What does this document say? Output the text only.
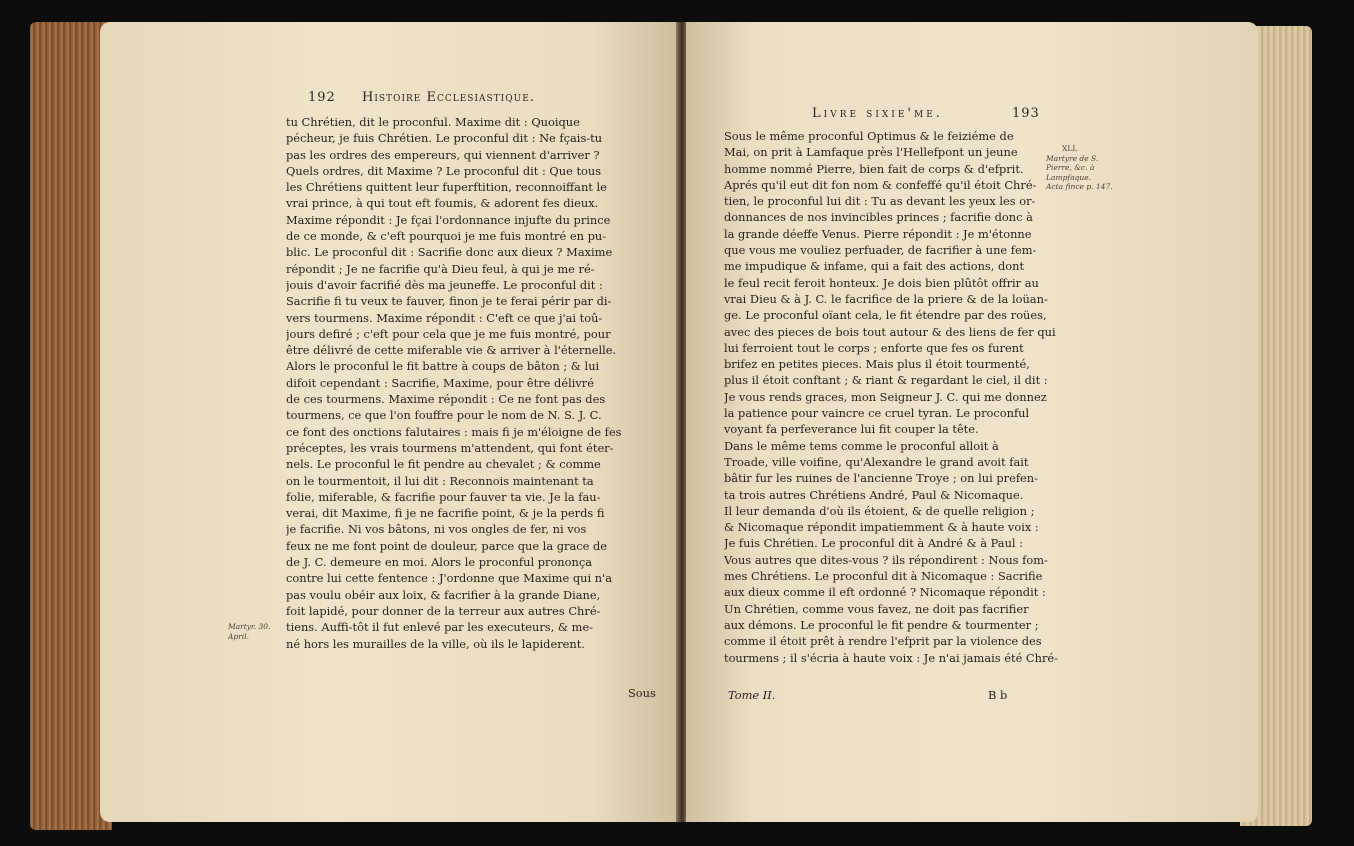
192 Histoire Ecclesiastique.
tu Chrétien, dit le proconful. Maxime dit : Quoique
pécheur, je fuis Chrétien. Le proconful dit : Ne fçais-tu
pas les ordres des empereurs, qui viennent d'arriver ?
Quels ordres, dit Maxime ? Le proconful dit : Que tous
les Chrétiens quittent leur fuperftition, reconnoiffant le
vrai prince, à qui tout eft foumis, & adorent fes dieux.
Maxime répondit : Je fçai l'ordonnance injufte du prince
de ce monde, & c'eft pourquoi je me fuis montré en pu-
blic. Le proconful dit : Sacrifie donc aux dieux ? Maxime
répondit ; Je ne facrifie qu'à Dieu feul, à qui je me ré-
jouis d'avoir facrifié dès ma jeuneffe. Le proconful dit :
Sacrifie fi tu veux te fauver, finon je te ferai périr par di-
vers tourmens. Maxime répondit : C'eft ce que j'ai toû-
jours defiré ; c'eft pour cela que je me fuis montré, pour
être délivré de cette miferable vie & arriver à l'éternelle.
Alors le proconful le fit battre à coups de bâton ; & lui
difoit cependant : Sacrifie, Maxime, pour être délivré
de ces tourmens. Maxime répondit : Ce ne font pas des
tourmens, ce que l'on fouffre pour le nom de N. S. J. C.
ce font des onctions falutaires : mais fi je m'éloigne de fes
préceptes, les vrais tourmens m'attendent, qui font éter-
nels. Le proconful le fit pendre au chevalet ; & comme
on le tourmentoit, il lui dit : Reconnois maintenant ta
folie, miferable, & facrifie pour fauver ta vie. Je la fau-
verai, dit Maxime, fi je ne facrifie point, & je la perds fi
je facrifie. Ni vos bâtons, ni vos ongles de fer, ni vos
feux ne me font point de douleur, parce que la grace de
de J. C. demeure en moi. Alors le proconful prononça
contre lui cette fentence : J'ordonne que Maxime qui n'a
pas voulu obéir aux loix, & facrifier à la grande Diane,
foit lapidé, pour donner de la terreur aux autres Chré-
tiens. Auffi-tôt il fut enlevé par les executeurs, & me-
né hors les murailles de la ville, où ils le lapiderent.
Sous
Martyr. 30.
April.
Livre sixie'me.	193
Sous le même proconful Optimus & le feiziéme de
Mai, on prit à Lamfaque près l'Hellefpont un jeune
homme nommé Pierre, bien fait de corps & d'efprit.
Aprés qu'il eut dit fon nom & confeffé qu'il étoit Chré-
tien, le proconful lui dit : Tu as devant les yeux les or-
donnances de nos invincibles princes ; facrifie donc à
la grande déeffe Venus. Pierre répondit : Je m'étonne
que vous me vouliez perfuader, de facrifier à une fem-
me impudique & infame, qui a fait des actions, dont
le feul recit feroit honteux. Je dois bien plûtôt offrir au
vrai Dieu & à J. C. le facrifice de la priere & de la loüan-
ge. Le proconful oïant cela, le fit étendre par des roües,
avec des pieces de bois tout autour & des liens de fer qui
lui ferroient tout le corps ; enforte que fes os furent
brifez en petites pieces. Mais plus il étoit tourmenté,
plus il étoit conftant ; & riant & regardant le ciel, il dit :
Je vous rends graces, mon Seigneur J. C. qui me donnez
la patience pour vaincre ce cruel tyran. Le proconful
voyant fa perfeverance lui fit couper la tête.
Dans le même tems comme le proconful alloit à
Troade, ville voifine, qu'Alexandre le grand avoit fait
bâtir fur les ruines de l'ancienne Troye ; on lui prefen-
ta trois autres Chrétiens André, Paul & Nicomaque.
Il leur demanda d'où ils étoient, & de quelle religion ;
& Nicomaque répondit impatiemment & à haute voix :
Je fuis Chrétien. Le proconful dit à André & à Paul :
Vous autres que dites-vous ? ils répondirent : Nous fom-
mes Chrétiens. Le proconful dit à Nicomaque : Sacrifie
aux dieux comme il eft ordonné ? Nicomaque répondit :
Un Chrétien, comme vous favez, ne doit pas facrifier
aux démons. Le proconful le fit pendre & tourmenter ;
comme il étoit prêt à rendre l'efprit par la violence des
tourmens ; il s'écria à haute voix : Je n'ai jamais été Chré-
Tome II.	B b
XLI.
Martyre de S.
Pierre, &c. à
Lampfaque.
Acta fince p. 147.
